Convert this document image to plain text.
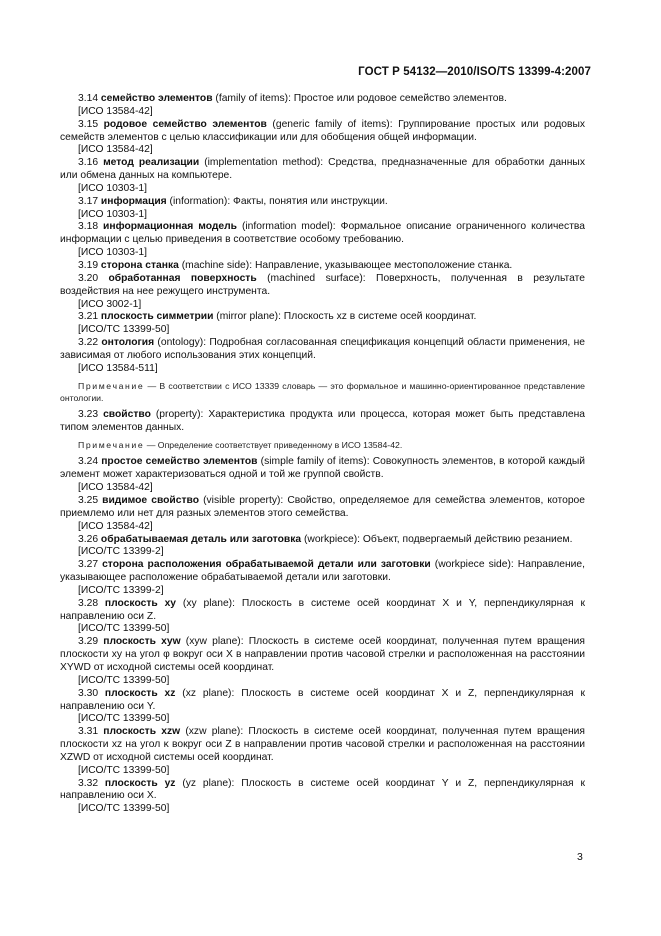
ГОСТ Р 54132—2010/ISO/TS 13399-4:2007

3.14 семейство элементов (family of items): Простое или родовое семейство элементов.

[ИСО 13584-42]

3.15 родовое семейство элементов (generic family of items): Группирование простых или родовых семейств элементов с целью классификации или для обобщения общей информации.

[ИСО 13584-42]

3.16 метод реализации (implementation method): Средства, предназначенные для обработки данных или обмена данных на компьютере.

[ИСО 10303-1]

3.17 информация (information): Факты, понятия или инструкции.

[ИСО 10303-1]

3.18 информационная модель (information model): Формальное описание ограниченного количества информации с целью приведения в соответствие особому требованию.

[ИСО 10303-1]

3.19 сторона станка (machine side): Направление, указывающее местоположение станка.

3.20 обработанная поверхность (machined surface): Поверхность, полученная в результате воздействия на нее режущего инструмента.

[ИСО 3002-1]

3.21 плоскость симметрии (mirror plane): Плоскость xz в системе осей координат.

[ИСО/ТС 13399-50]

3.22 онтология (ontology): Подробная согласованная спецификация концепций области применения, не зависимая от любого использования этих концепций.

[ИСО 13584-511]

Примечание — В соответствии с ИСО 13339 словарь — это формальное и машинно-ориентированное представление онтологии.

3.23 свойство (property): Характеристика продукта или процесса, которая может быть представлена типом элементов данных.

Примечание — Определение соответствует приведенному в ИСО 13584-42.

3.24 простое семейство элементов (simple family of items): Совокупность элементов, в которой каждый элемент может характеризоваться одной и той же группой свойств.

[ИСО 13584-42]

3.25 видимое свойство (visible property): Свойство, определяемое для семейства элементов, которое приемлемо или нет для разных элементов этого семейства.

[ИСО 13584-42]

3.26 обрабатываемая деталь или заготовка (workpiece): Объект, подвергаемый действию резанием.

[ИСО/ТС 13399-2]

3.27 сторона расположения обрабатываемой детали или заготовки (workpiece side): Направление, указывающее расположение обрабатываемой детали или заготовки.

[ИСО/ТС 13399-2]

3.28 плоскость xy (xy plane): Плоскость в системе осей координат X и Y, перпендикулярная к направлению оси Z.

[ИСО/ТС 13399-50]

3.29 плоскость xyw (xyw plane): Плоскость в системе осей координат, полученная путем вращения плоскости xy на угол φ вокруг оси X в направлении против часовой стрелки и расположенная на расстоянии XYWD от исходной системы осей координат.

[ИСО/ТС 13399-50]

3.30 плоскость xz (xz plane): Плоскость в системе осей координат X и Z, перпендикулярная к направлению оси Y.

[ИСО/ТС 13399-50]

3.31 плоскость xzw (xzw plane): Плоскость в системе осей координат, полученная путем вращения плоскости xz на угол κ вокруг оси Z в направлении против часовой стрелки и расположенная на расстоянии XZWD от исходной системы осей координат.

[ИСО/ТС 13399-50]

3.32 плоскость yz (yz plane): Плоскость в системе осей координат Y и Z, перпендикулярная к направлению оси X.

[ИСО/ТС 13399-50]

3
